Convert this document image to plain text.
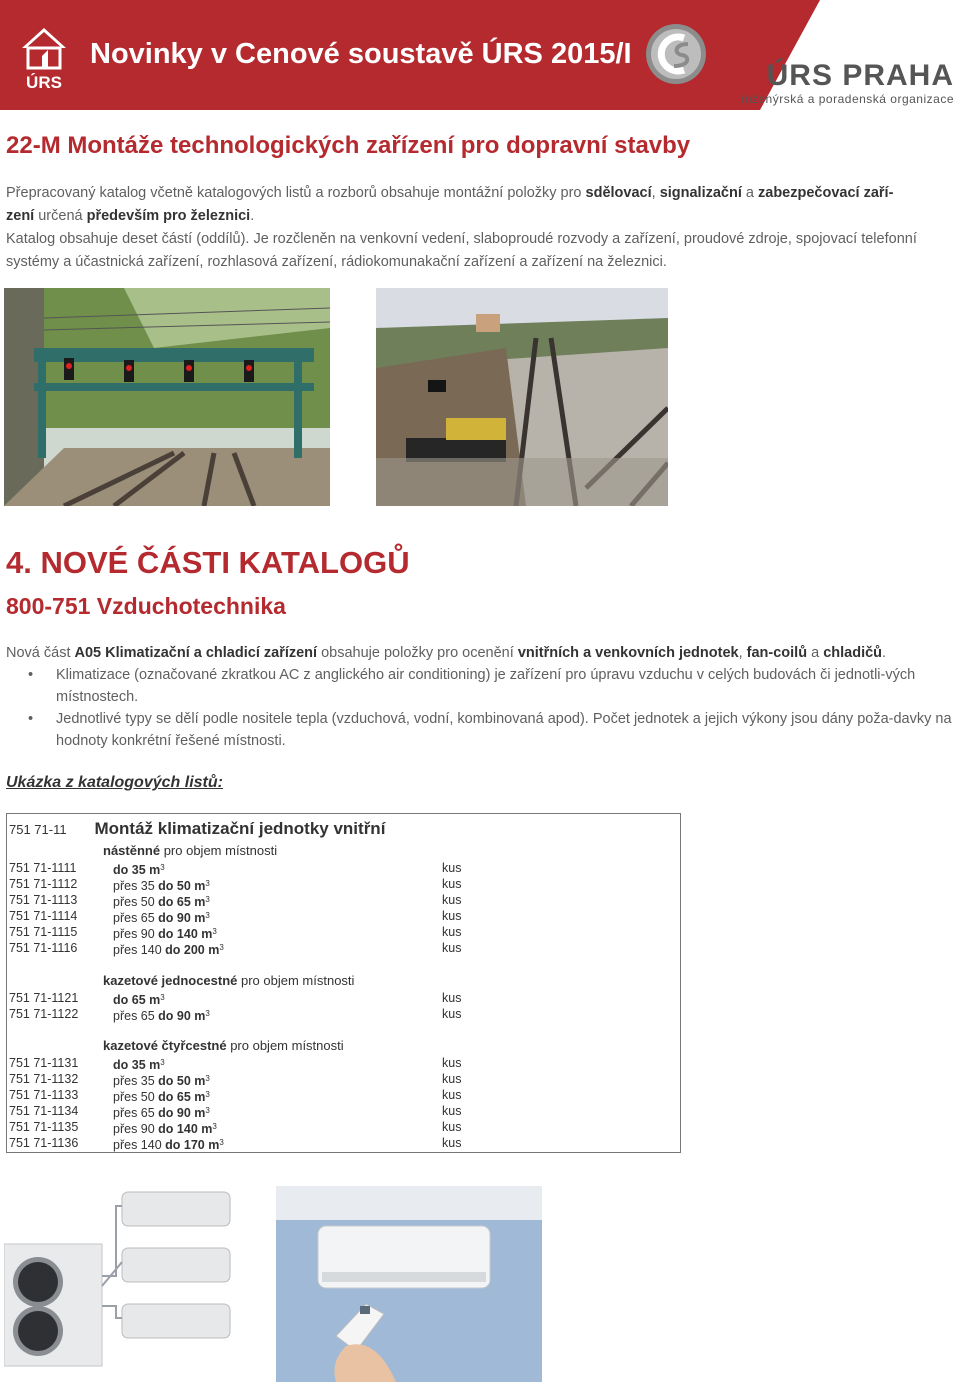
ÚRS
Novinky v Cenové soustavě ÚRS 2015/I
ÚRS PRAHA
inženýrská a poradenská organizace
22-M Montáže technologických zařízení pro dopravní stavby

Přepracovaný katalog včetně katalogových listů a rozborů obsahuje montážní položky pro sdělovací, signalizační a zabezpečovací zaří-
zení určená především pro železnici.

Katalog obsahuje deset částí (oddílů). Je rozčleněn na venkovní vedení, slaboproudé rozvody a zařízení, proudové zdroje, spojovací telefonní systémy a účastnická zařízení, rozhlasová zařízení, rádiokomunakační zařízení a zařízení na železnici.

4. NOVÉ ČÁSTI KATALOGŮ
800-751 Vzduchotechnika

Nová část A05 Klimatizační a chladicí zařízení obsahuje položky pro ocenění vnitřních a venkovních jednotek, fan-coilů a chladičů.

• Klimatizace (označované zkratkou AC z anglického air conditioning) je zařízení pro úpravu vzduchu v celých budovách či jednotli-vých místnostech.
• Jednotlivé typy se dělí podle nositele tepla (vzduchová, vodní, kombinovaná apod). Počet jednotek a jejich výkony jsou dány poža-davky na hodnoty konkrétní řešené místnosti.
Ukázka z katalogových listů:
751 71-11 Montáž klimatizační jednotky vnitřní
nástěnné pro objem místnosti
751 71-1111	do 35 $m^3$	kus
751 71-1112	přes 35 do 50 $m^3$	kus
751 71-1113	přes 50 do 65 $m^3$	kus
751 71-1114	přes 65 do 90 $m^3$	kus
751 71-1115	přes 90 do 140 $m^3$	kus
751 71-1116	přes 140 do 200 $m^3$	kus
kazetové jednocestné pro objem místnosti
751 71-1121	do 65 $m^3$	kus
751 71-1122	přes 65 do 90 $m^3$	kus
kazetové čtyřcestné pro objem místnosti
751 71-1131	do 35 $m^3$	kus
751 71-1132	přes 35 do 50 $m^3$	kus
751 71-1133	přes 50 do 65 $m^3$	kus
751 71-1134	přes 65 do 90 $m^3$	kus
751 71-1135	přes 90 do 140 $m^3$	kus
751 71-1136	přes 140 do 170 $m^3$	kus
